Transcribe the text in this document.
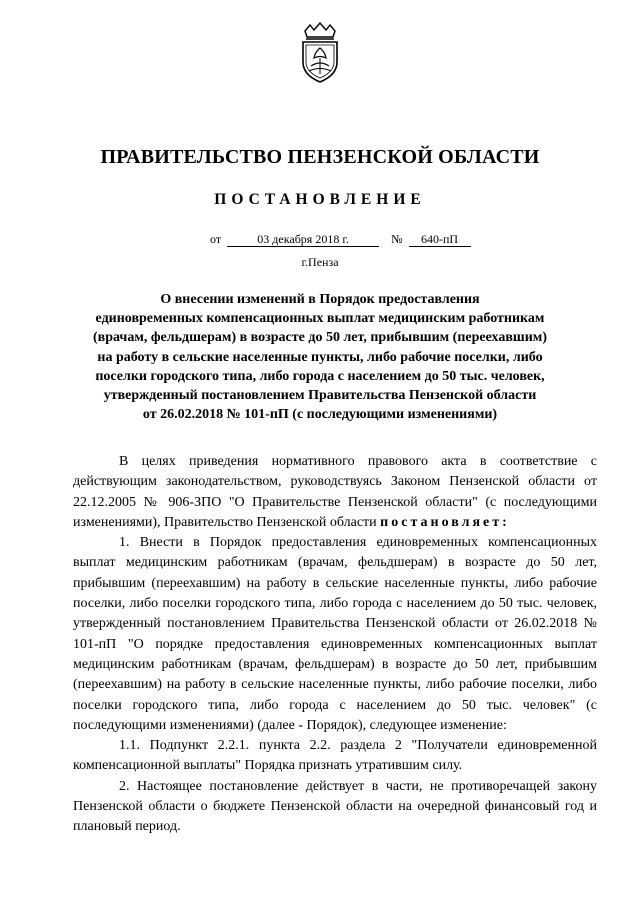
ПРАВИТЕЛЬСТВО ПЕНЗЕНСКОЙ ОБЛАСТИ
ПОСТАНОВЛЕНИЕ
от	03 декабря 2018 г.	№ 640-пП
г.Пенза
О внесении изменений в Порядок предоставления
единовременных компенсационных выплат медицинским работникам
(врачам, фельдшерам) в возрасте до 50 лет, прибывшим (переехавшим)
на работу в сельские населенные пункты, либо рабочие поселки, либо
поселки городского типа, либо города с населением до 50 тыс. человек,
утвержденный постановлением Правительства Пензенской области
от 26.02.2018 № 101-пП (с последующими изменениями)

В целях приведения нормативного правового акта в соответствие с действующим законодательством, руководствуясь Законом Пензенской области от 22.12.2005 № 906-ЗПО "О Правительстве Пензенской области" (с последующими изменениями), Правительство Пензенской области постановляет:

1. Внести в Порядок предоставления единовременных компенсационных выплат медицинским работникам (врачам, фельдшерам) в возрасте до 50 лет, прибывшим (переехавшим) на работу в сельские населенные пункты, либо рабочие поселки, либо поселки городского типа, либо города с населением до 50 тыс. человек, утвержденный постановлением Правительства Пензенской области от 26.02.2018 № 101-пП "О порядке предоставления единовременных компенсационных выплат медицинским работникам (врачам, фельдшерам) в возрасте до 50 лет, прибывшим (переехавшим) на работу в сельские населенные пункты, либо рабочие поселки, либо поселки городского типа, либо города с населением до 50 тыс. человек" (с последующими изменениями) (далее - Порядок), следующее изменение:

1.1. Подпункт 2.2.1. пункта 2.2. раздела 2 "Получатели единовременной компенсационной выплаты" Порядка признать утратившим силу.

2. Настоящее постановление действует в части, не противоречащей закону Пензенской области о бюджете Пензенской области на очередной финансовый год и плановый период.
